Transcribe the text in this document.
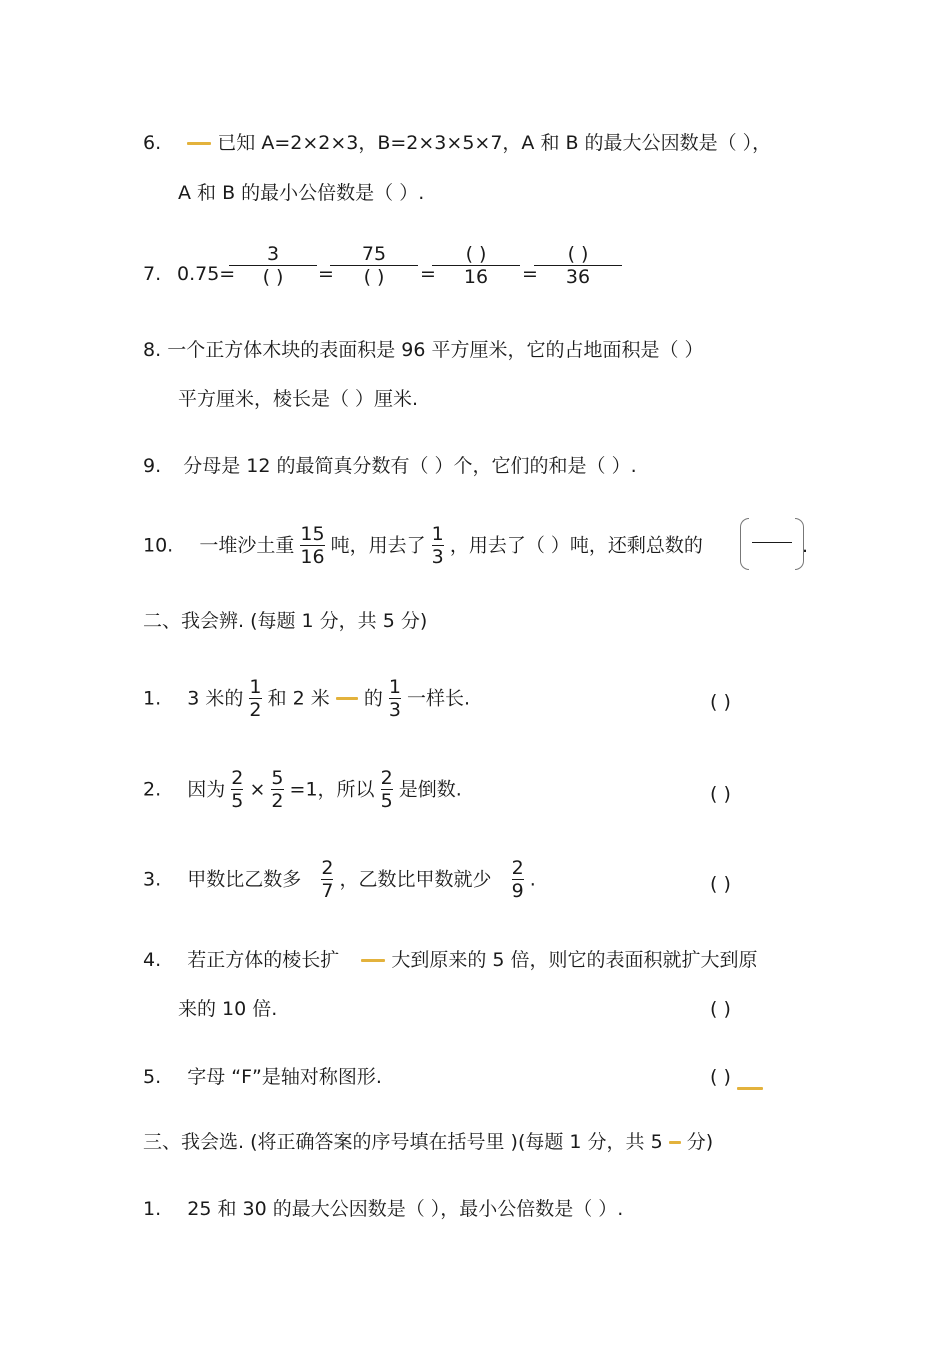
6.	已知 A=2×2×3，B=2×3×5×7，A 和 B 的最大公因数是（ ），
A 和 B 的最小公倍数是（ ）.
7. 0.75=
$\frac{3}{( )}$ =
$\frac{75}{( )}$ =
$\frac{( )}{16}$ =
$\frac{( )}{36}$
8. 一个正方体木块的表面积是 96 平方厘米，它的占地面积是（ ）
平方厘米，棱长是（ ）厘米.
9. 分母是 12 的最简真分数有（ ）个，它们的和是（ ）.
10. 一堆沙土重 $\frac{15}{16}$ 吨，用去了 $\frac{1}{3}$ ，用去了（ ）吨，还剩总数的	.
二、我会辨. (每题 1 分，共 5 分)
1. 3 米的 $\frac{1}{2}$ 和 2 米 的 $\frac{1}{3}$ 一样长.	( )
2. 因为 $\frac{2}{5} \times \frac{5}{2} =1$，所以 $\frac{2}{5}$ 是倒数.	( )
3. 甲数比乙数多 $\frac{2}{7}$ ，乙数比甲数就少 $\frac{2}{9}$ .	( )
4. 若正方体的棱长扩	大到原来的 5 倍，则它的表面积就扩大到原
来的 10 倍.	( )
5. 字母 “F”是轴对称图形.	( )
三、我会选. (将正确答案的序号填在括号里 )(每题 1 分，共 5 分)
1. 25 和 30 的最大公因数是（ ），最小公倍数是（ ）.
